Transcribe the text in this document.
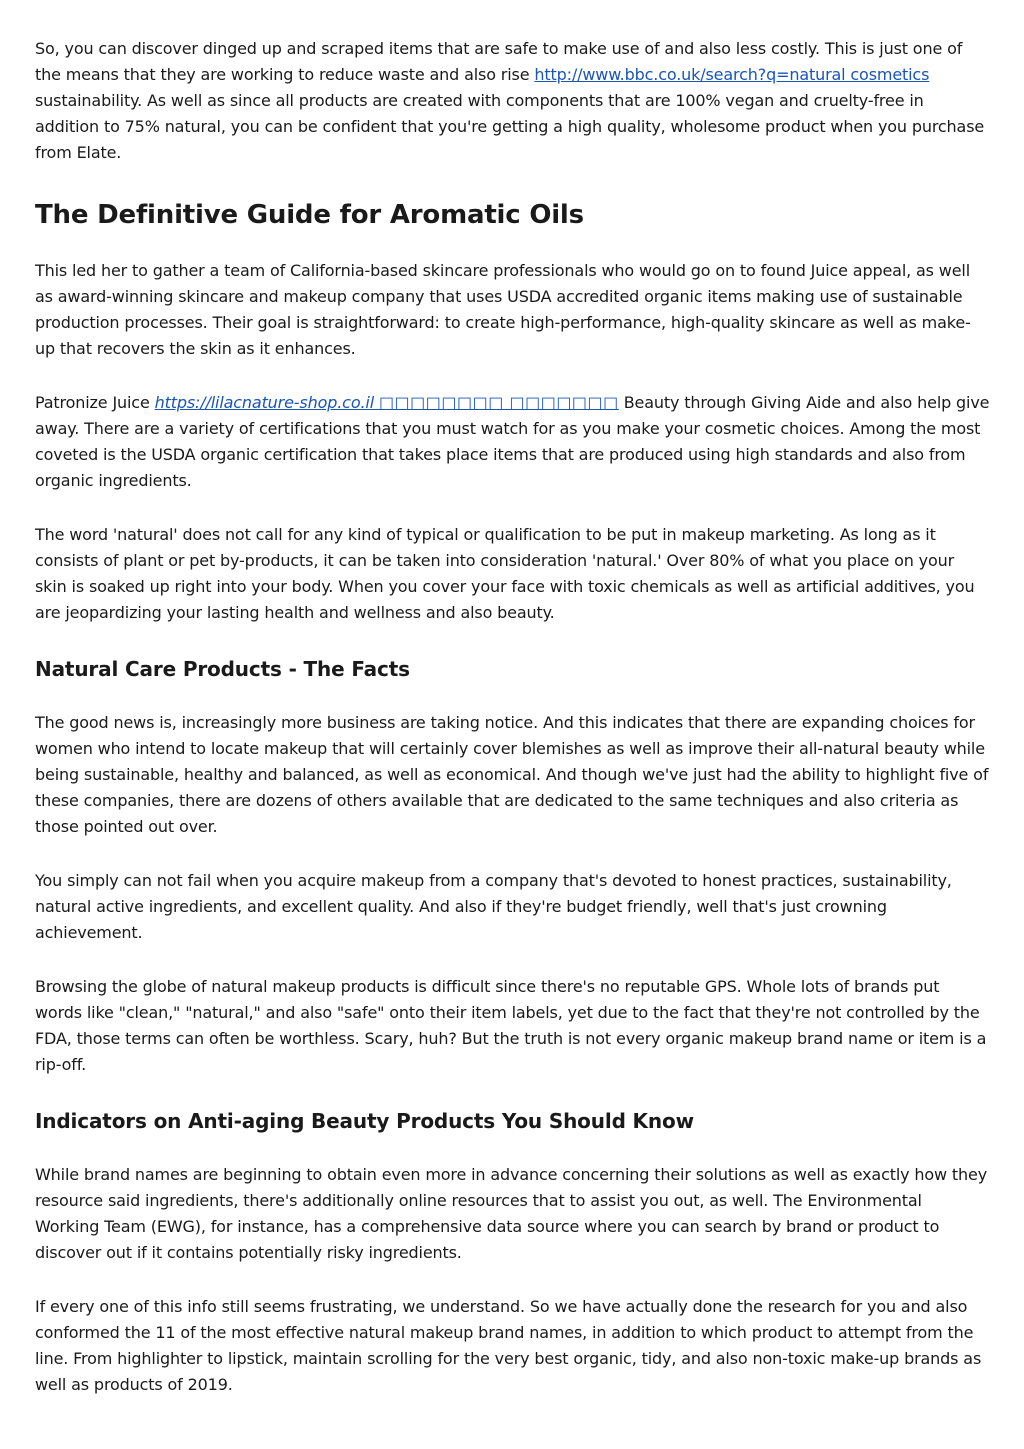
So, you can discover dinged up and scraped items that are safe to make use of and also less costly. This is just one of the means that they are working to reduce waste and also rise http://www.bbc.co.uk/search?q=natural cosmetics sustainability. As well as since all products are created with components that are 100% vegan and cruelty-free in addition to 75% natural, you can be confident that you're getting a high quality, wholesome product when you purchase from Elate.

The Definitive Guide for Aromatic Oils

This led her to gather a team of California-based skincare professionals who would go on to found Juice appeal, as well as award-winning skincare and makeup company that uses USDA accredited organic items making use of sustainable production processes. Their goal is straightforward: to create high-performance, high-quality skincare as well as make-up that recovers the skin as it enhances.

Patronize Juice https://lilacnature-shop.co.il □□□□□□□□ □□□□□□□ Beauty through Giving Aide and also help give away. There are a variety of certifications that you must watch for as you make your cosmetic choices. Among the most coveted is the USDA organic certification that takes place items that are produced using high standards and also from organic ingredients.

The word 'natural' does not call for any kind of typical or qualification to be put in makeup marketing. As long as it consists of plant or pet by-products, it can be taken into consideration 'natural.' Over 80% of what you place on your skin is soaked up right into your body. When you cover your face with toxic chemicals as well as artificial additives, you are jeopardizing your lasting health and wellness and also beauty.

Natural Care Products - The Facts

The good news is, increasingly more business are taking notice. And this indicates that there are expanding choices for women who intend to locate makeup that will certainly cover blemishes as well as improve their all-natural beauty while being sustainable, healthy and balanced, as well as economical. And though we've just had the ability to highlight five of these companies, there are dozens of others available that are dedicated to the same techniques and also criteria as those pointed out over.

You simply can not fail when you acquire makeup from a company that's devoted to honest practices, sustainability, natural active ingredients, and excellent quality. And also if they're budget friendly, well that's just crowning achievement.

Browsing the globe of natural makeup products is difficult since there's no reputable GPS. Whole lots of brands put words like "clean," "natural," and also "safe" onto their item labels, yet due to the fact that they're not controlled by the FDA, those terms can often be worthless. Scary, huh? But the truth is not every organic makeup brand name or item is a rip-off.

Indicators on Anti-aging Beauty Products You Should Know

While brand names are beginning to obtain even more in advance concerning their solutions as well as exactly how they resource said ingredients, there's additionally online resources that to assist you out, as well. The Environmental Working Team (EWG), for instance, has a comprehensive data source where you can search by brand or product to discover out if it contains potentially risky ingredients.

If every one of this info still seems frustrating, we understand. So we have actually done the research for you and also conformed the 11 of the most effective natural makeup brand names, in addition to which product to attempt from the line. From highlighter to lipstick, maintain scrolling for the very best organic, tidy, and also non-toxic make-up brands as well as products of 2019.
